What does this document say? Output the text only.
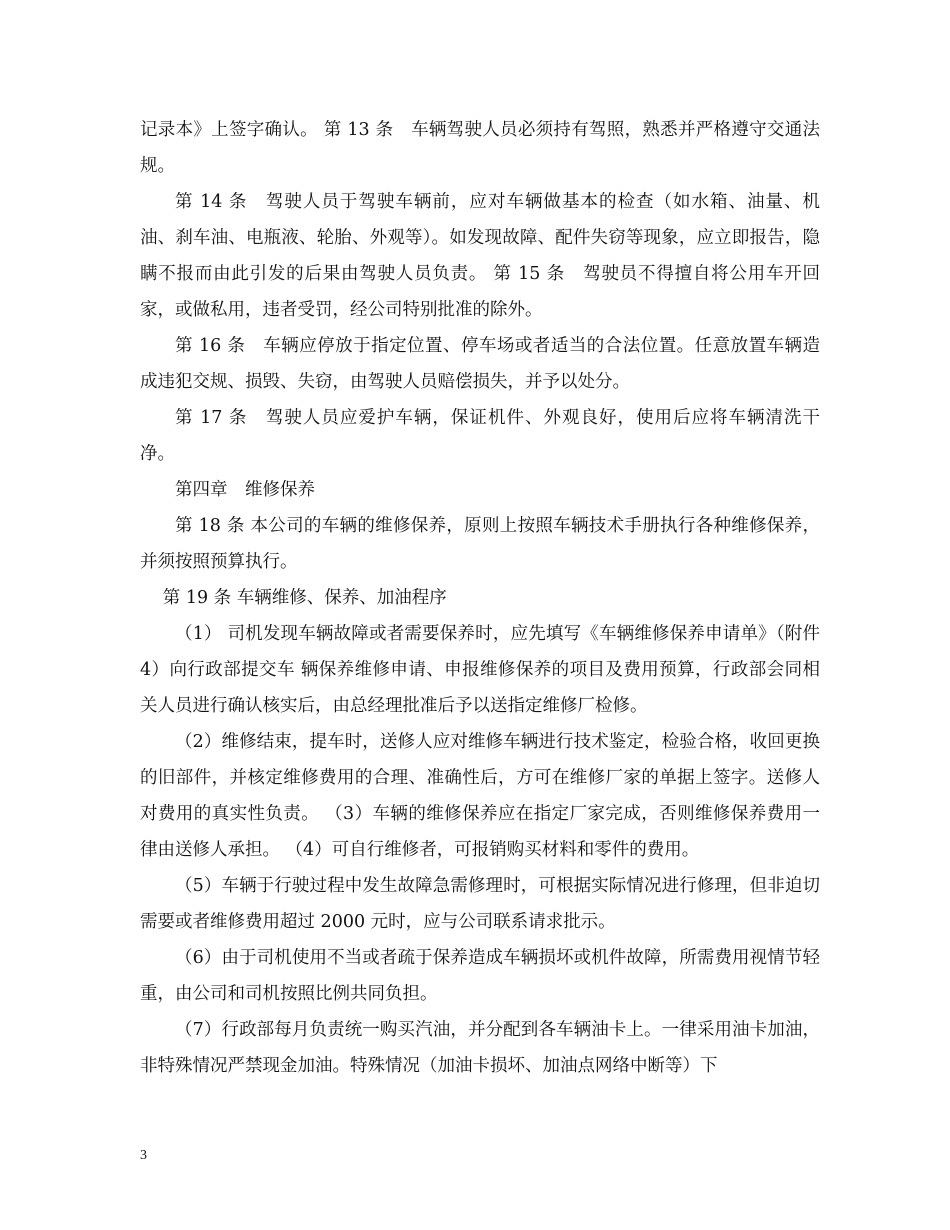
记录本》上签字确认。 第 13 条　车辆驾驶人员必须持有驾照，熟悉并严格遵守交通法规。

第 14 条　驾驶人员于驾驶车辆前，应对车辆做基本的检查（如水箱、油量、机油、刹车油、电瓶液、轮胎、外观等）。如发现故障、配件失窃等现象，应立即报告，隐瞒不报而由此引发的后果由驾驶人员负责。 第 15 条　驾驶员不得擅自将公用车开回家，或做私用，违者受罚，经公司特别批准的除外。

第 16 条　车辆应停放于指定位置、停车场或者适当的合法位置。任意放置车辆造成违犯交规、损毁、失窃，由驾驶人员赔偿损失，并予以处分。

第 17 条　驾驶人员应爱护车辆，保证机件、外观良好，使用后应将车辆清洗干净。

第四章　维修保养

第 18 条 本公司的车辆的维修保养，原则上按照车辆技术手册执行各种维修保养，并须按照预算执行。

第 19 条 车辆维修、保养、加油程序

（1） 司机发现车辆故障或者需要保养时，应先填写《车辆维修保养申请单》（附件 4）向行政部提交车 辆保养维修申请、申报维修保养的项目及费用预算，行政部会同相关人员进行确认核实后，由总经理批准后予以送指定维修厂检修。

（2）维修结束，提车时，送修人应对维修车辆进行技术鉴定，检验合格，收回更换的旧部件，并核定维修费用的合理、准确性后，方可在维修厂家的单据上签字。送修人对费用的真实性负责。 （3）车辆的维修保养应在指定厂家完成，否则维修保养费用一律由送修人承担。 （4）可自行维修者，可报销购买材料和零件的费用。

（5）车辆于行驶过程中发生故障急需修理时，可根据实际情况进行修理，但非迫切需要或者维修费用超过 2000 元时，应与公司联系请求批示。

（6）由于司机使用不当或者疏于保养造成车辆损坏或机件故障，所需费用视情节轻重，由公司和司机按照比例共同负担。

（7）行政部每月负责统一购买汽油，并分配到各车辆油卡上。一律采用油卡加油，非特殊情况严禁现金加油。特殊情况（加油卡损坏、加油点网络中断等）下

3
